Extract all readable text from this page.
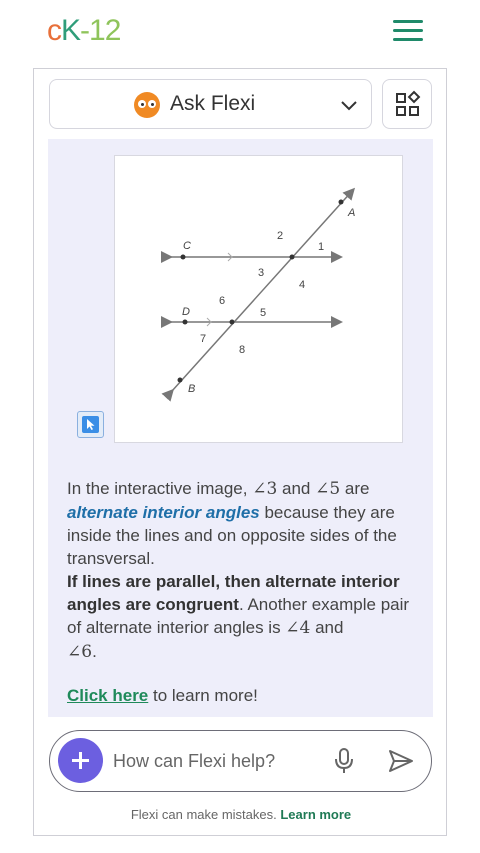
cK-12
Ask Flexi
A
C
D
B
1
2
3
4
5
6
7
8
In the interactive image, ∠3 and ∠5 are alternate interior angles because they are inside the lines and on opposite sides of the transversal.
If lines are parallel, then alternate interior angles are congruent. Another example pair of alternate interior angles is ∠4 and
∠6.
Click here to learn more!
How can Flexi help?
Flexi can make mistakes. Learn more
